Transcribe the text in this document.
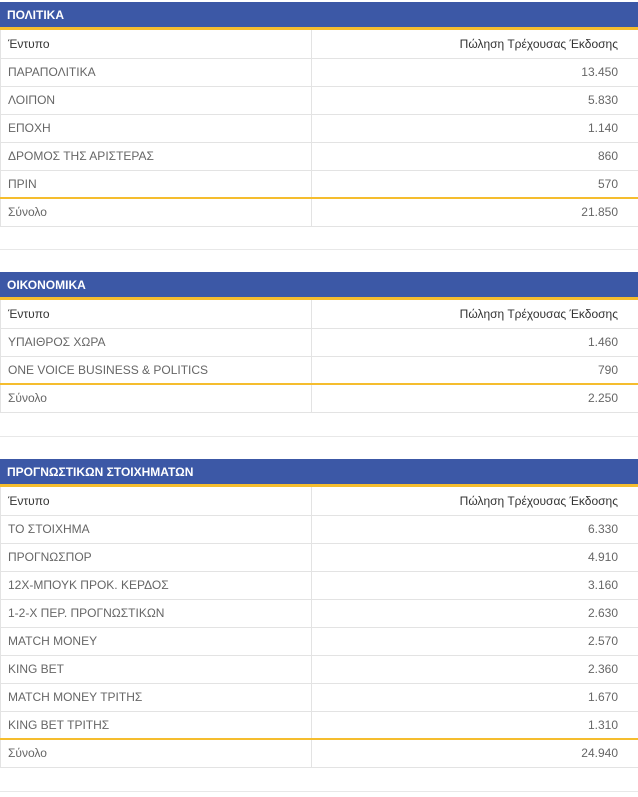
ΠΟΛΙΤΙΚΑ
Έντυπο	Πώληση Τρέχουσας Έκδοσης
ΠΑΡΑΠΟΛΙΤΙΚΑ	13.450
ΛΟΙΠΟΝ	5.830
ΕΠΟΧΗ	1.140
ΔΡΟΜΟΣ ΤΗΣ ΑΡΙΣΤΕΡΑΣ	860
ΠΡΙΝ	570
Σύνολο	21.850
ΟΙΚΟΝΟΜΙΚΑ
Έντυπο	Πώληση Τρέχουσας Έκδοσης
ΥΠΑΙΘΡΟΣ ΧΩΡΑ	1.460
ONE VOICE BUSINESS & POLITICS	790
Σύνολο	2.250
ΠΡΟΓΝΩΣΤΙΚΩΝ ΣΤΟΙΧΗΜΑΤΩΝ
Έντυπο	Πώληση Τρέχουσας Έκδοσης
ΤΟ ΣΤΟΙΧΗΜΑ	6.330
ΠΡΟΓΝΩΣΠΟΡ	4.910
12Χ-ΜΠΟΥΚ ΠΡΟΚ. ΚΕΡΔΟΣ	3.160
1-2-Χ ΠΕΡ. ΠΡΟΓΝΩΣΤΙΚΩΝ	2.630
MATCH MONEY	2.570
KING BET	2.360
MATCH MONEY ΤΡΙΤΗΣ	1.670
KING BET ΤΡΙΤΗΣ	1.310
Σύνολο	24.940
